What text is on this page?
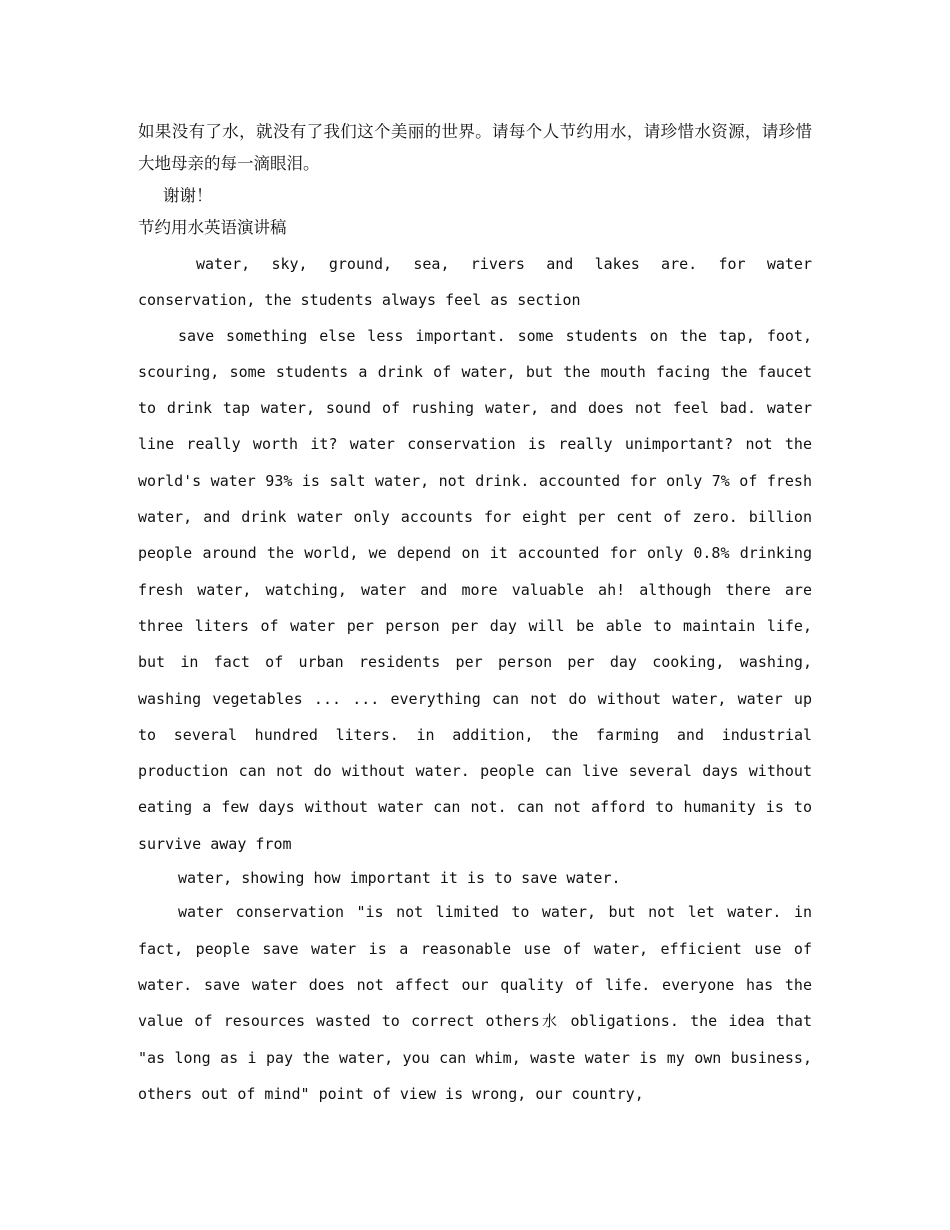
如果没有了水，就没有了我们这个美丽的世界。请每个人节约用水，请珍惜水资源，请珍惜大地母亲的每一滴眼泪。

谢谢！

节约用水英语演讲稿

water, sky, ground, sea, rivers and lakes are. for water conservation, the students always feel as section

save something else less important. some students on the tap, foot, scouring, some students a drink of water, but the mouth facing the faucet to drink tap water, sound of rushing water, and does not feel bad. water line really worth it? water conservation is really unimportant? not the world's water 93% is salt water, not drink. accounted for only 7% of fresh water, and drink water only accounts for eight per cent of zero. billion people around the world, we depend on it accounted for only 0.8% drinking fresh water, watching, water and more valuable ah! although there are three liters of water per person per day will be able to maintain life, but in fact of urban residents per person per day cooking, washing, washing vegetables ... ... everything can not do without water, water up to several hundred liters. in addition, the farming and industrial production can not do without water. people can live several days without eating a few days without water can not. can not afford to humanity is to survive away from

water, showing how important it is to save water.

water conservation "is not limited to water, but not let water. in fact, people save water is a reasonable use of water, efficient use of water. save water does not affect our quality of life. everyone has the value of resources wasted to correct others水 obligations. the idea that "as long as i pay the water, you can whim, waste water is my own business, others out of mind" point of view is wrong, our country,
